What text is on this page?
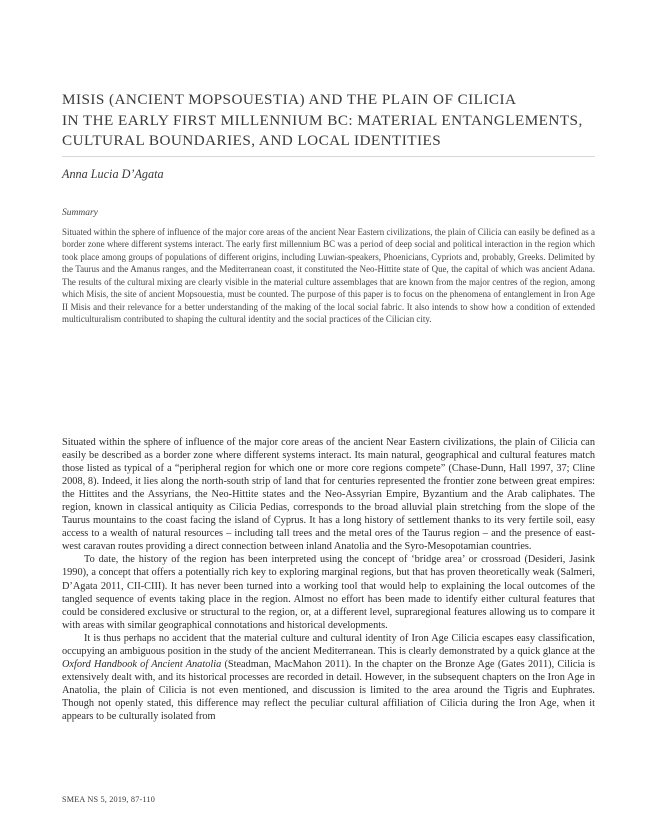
MISIS (ANCIENT MOPSOUESTIA) AND THE PLAIN OF CILICIA
IN THE EARLY FIRST MILLENNIUM BC: MATERIAL ENTANGLEMENTS,
CULTURAL BOUNDARIES, AND LOCAL IDENTITIES
Anna Lucia D’Agata
Summary

Situated within the sphere of influence of the major core areas of the ancient Near Eastern civilizations, the plain of Cilicia can easily be defined as a border zone where different systems interact. The early first millennium BC was a period of deep social and political interaction in the region which took place among groups of populations of different origins, including Luwian-speakers, Phoenicians, Cypriots and, probably, Greeks. Delimited by the Taurus and the Amanus ranges, and the Mediterranean coast, it constituted the Neo-Hittite state of Que, the capital of which was ancient Adana. The results of the cultural mixing are clearly visible in the material culture assemblages that are known from the major centres of the region, among which Misis, the site of ancient Mopsouestia, must be counted. The purpose of this paper is to focus on the phenomena of entanglement in Iron Age II Misis and their relevance for a better understanding of the making of the local social fabric. It also intends to show how a condition of extended multiculturalism contributed to shaping the cultural identity and the social practices of the Cilician city.

Situated within the sphere of influence of the major core areas of the ancient Near Eastern civilizations, the plain of Cilicia can easily be described as a border zone where different systems interact. Its main natural, geographical and cultural features match those listed as typical of a “peripheral region for which one or more core regions compete” (Chase-Dunn, Hall 1997, 37; Cline 2008, 8). Indeed, it lies along the north-south strip of land that for centuries represented the frontier zone between great empires: the Hittites and the Assyrians, the Neo-Hittite states and the Neo-Assyrian Empire, Byzantium and the Arab caliphates. The region, known in classical antiquity as Cilicia Pedias, corresponds to the broad alluvial plain stretching from the slope of the Taurus mountains to the coast facing the island of Cyprus. It has a long history of settlement thanks to its very fertile soil, easy access to a wealth of natural resources – including tall trees and the metal ores of the Taurus region – and the presence of east-west caravan routes providing a direct connection between inland Anatolia and the Syro-Mesopotamian countries.

To date, the history of the region has been interpreted using the concept of ‘bridge area’ or crossroad (Desideri, Jasink 1990), a concept that offers a potentially rich key to exploring marginal regions, but that has proven theoretically weak (Salmeri, D’Agata 2011, CII-CIII). It has never been turned into a working tool that would help to explaining the local outcomes of the tangled sequence of events taking place in the region. Almost no effort has been made to identify either cultural features that could be considered exclusive or structural to the region, or, at a different level, supraregional features allowing us to compare it with areas with similar geographical connotations and historical developments.

It is thus perhaps no accident that the material culture and cultural identity of Iron Age Cilicia escapes easy classification, occupying an ambiguous position in the study of the ancient Mediterranean. This is clearly demonstrated by a quick glance at the Oxford Handbook of Ancient Anatolia (Steadman, MacMahon 2011). In the chapter on the Bronze Age (Gates 2011), Cilicia is extensively dealt with, and its historical processes are recorded in detail. However, in the subsequent chapters on the Iron Age in Anatolia, the plain of Cilicia is not even mentioned, and discussion is limited to the area around the Tigris and Euphrates. Though not openly stated, this difference may reflect the peculiar cultural affiliation of Cilicia during the Iron Age, when it appears to be culturally isolated from

SMEA NS 5, 2019, 87-110
